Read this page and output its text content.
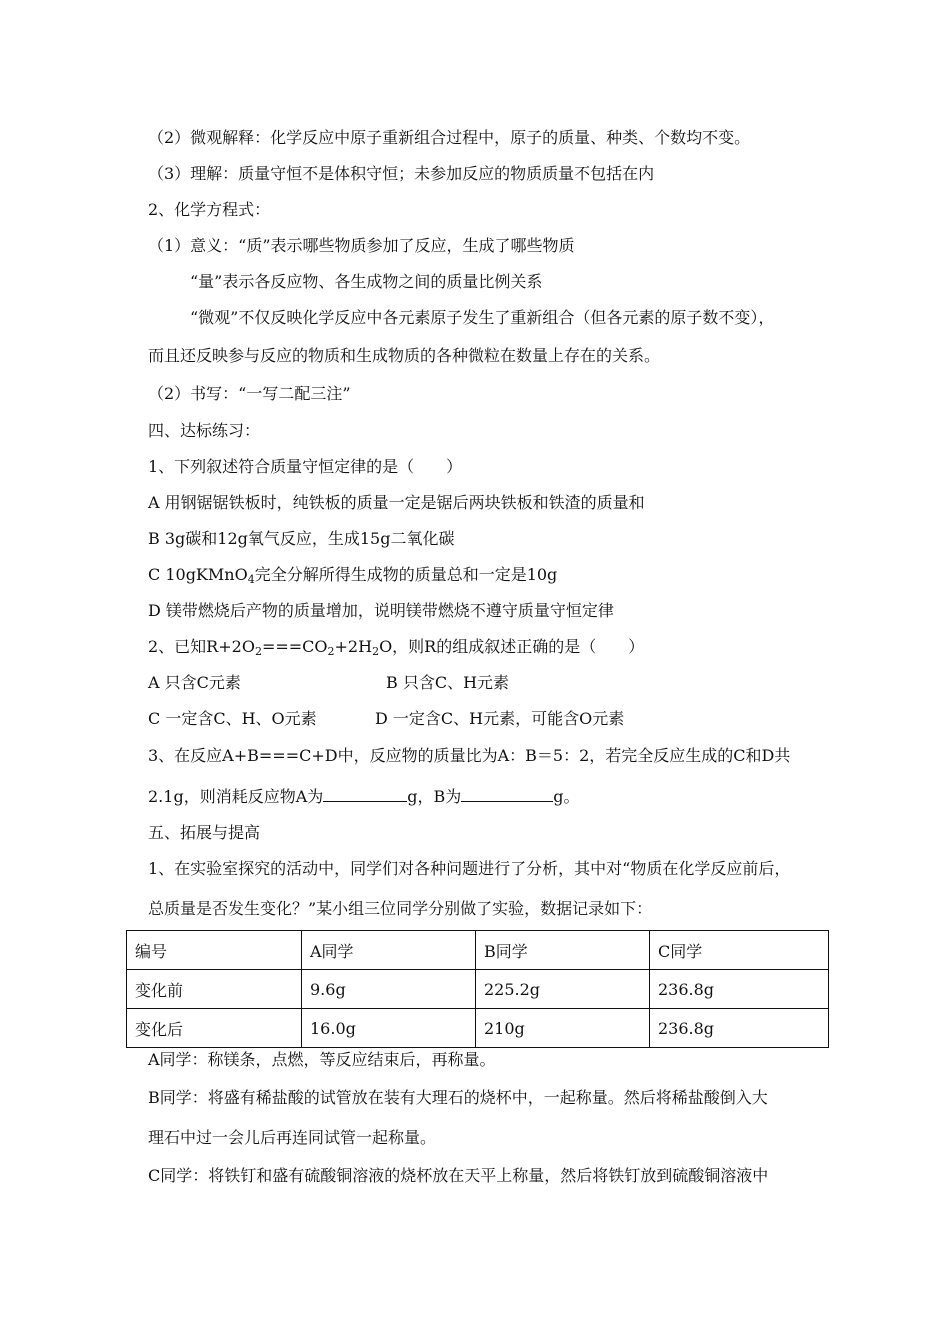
（2）微观解释：化学反应中原子重新组合过程中，原子的质量、种类、个数均不变。
（3）理解：质量守恒不是体积守恒；未参加反应的物质质量不包括在内
2、化学方程式：
（1）意义：“质”表示哪些物质参加了反应，生成了哪些物质
“量”表示各反应物、各生成物之间的质量比例关系
“微观”不仅反映化学反应中各元素原子发生了重新组合（但各元素的原子数不变），
而且还反映参与反应的物质和生成物质的各种微粒在数量上存在的关系。
（2）书写：“一写二配三注”
四、达标练习：
1、下列叙述符合质量守恒定律的是（　　）
A 用钢锯锯铁板时，纯铁板的质量一定是锯后两块铁板和铁渣的质量和
B 3g碳和12g氧气反应，生成15g二氧化碳
C 10gKMnO$_4$完全分解所得生成物的质量总和一定是10g
D 镁带燃烧后产物的质量增加，说明镁带燃烧不遵守质量守恒定律
2、已知$R+2O_2===CO_2+2H_2O$，则R的组成叙述正确的是（　　）
A 只含C元素	B 只含C、H元素
C 一定含C、H、O元素	D 一定含C、H元素，可能含O元素
3、在反应A+B===C+D中，反应物的质量比为A：B＝5：2，若完全反应生成的C和D共
2.1g，则消耗反应物A为	g，B为	g。
五、拓展与提高
1、在实验室探究的活动中，同学们对各种问题进行了分析，其中对“物质在化学反应前后，
总质量是否发生变化？”某小组三位同学分别做了实验，数据记录如下：
编号	A同学	B同学	C同学
变化前	9.6g	225.2g	236.8g
变化后	16.0g	210g	236.8g
A同学：称镁条，点燃，等反应结束后，再称量。
B同学：将盛有稀盐酸的试管放在装有大理石的烧杯中，一起称量。然后将稀盐酸倒入大
理石中过一会儿后再连同试管一起称量。
C同学：将铁钉和盛有硫酸铜溶液的烧杯放在天平上称量，然后将铁钉放到硫酸铜溶液中
